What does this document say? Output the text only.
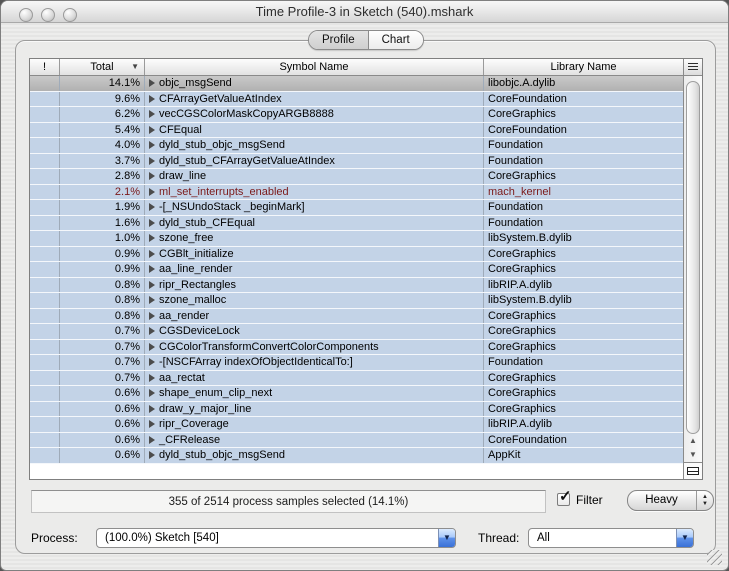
Time Profile-3 in Sketch (540).mshark
Profile	Chart
!	Total ▼	Symbol Name	Library Name
14.1%	objc_msgSend	libobjc.A.dylib
9.6%	CFArrayGetValueAtIndex	CoreFoundation
6.2%	vecCGSColorMaskCopyARGB8888	CoreGraphics
5.4%	CFEqual	CoreFoundation
4.0%	dyld_stub_objc_msgSend	Foundation
3.7%	dyld_stub_CFArrayGetValueAtIndex	Foundation
2.8%	draw_line	CoreGraphics
2.1%	ml_set_interrupts_enabled	mach_kernel
1.9%	-[_NSUndoStack _beginMark]	Foundation
1.6%	dyld_stub_CFEqual	Foundation
1.0%	szone_free	libSystem.B.dylib
0.9%	CGBlt_initialize	CoreGraphics
0.9%	aa_line_render	CoreGraphics
0.8%	ripr_Rectangles	libRIP.A.dylib
0.8%	szone_malloc	libSystem.B.dylib
0.8%	aa_render	CoreGraphics
0.7%	CGSDeviceLock	CoreGraphics
0.7%	CGColorTransformConvertColorComponents	CoreGraphics
0.7%	-[NSCFArray indexOfObjectIdenticalTo:]	Foundation
0.7%	aa_rectat	CoreGraphics
0.6%	shape_enum_clip_next	CoreGraphics
0.6%	draw_y_major_line	CoreGraphics
0.6%	ripr_Coverage	libRIP.A.dylib
0.6%	_CFRelease	CoreFoundation
0.6%	dyld_stub_objc_msgSend	AppKit
▲
▼
355 of 2514 process samples selected (14.1%)	✓ Filter	Heavy	▲
▼
Process: (100.0%) Sketch [540]	▼	Thread: All	▼
